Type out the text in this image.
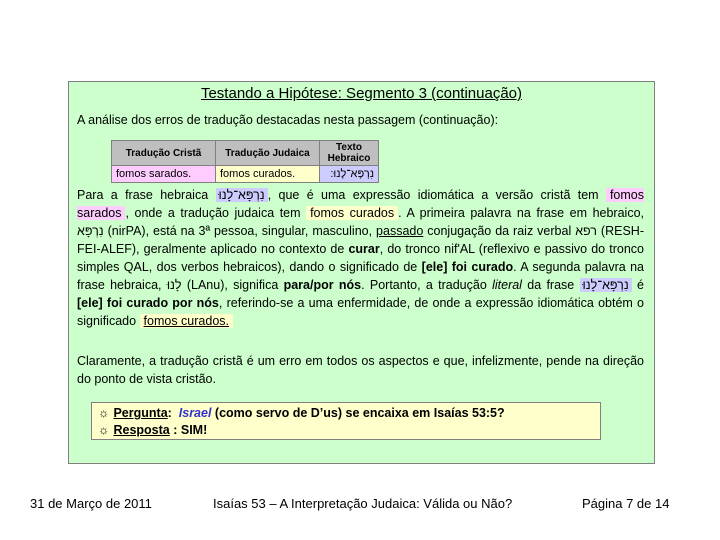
Testando a Hipótese: Segmento 3 (continuação)
A análise dos erros de tradução destacadas nesta passagem (continuação):
Tradução Cristã	Tradução Judaica	Texto Hebraico
fomos sarados.	fomos curados.	נִרְפָּא־לָנוּ:
Para a frase hebraica נִרְפָּא־לָנוּ , que é uma expressão idiomática a versão cristã tem fomos sarados , onde a tradução judaica tem fomos curados . A primeira palavra na frase em hebraico, נִרְפָּא (nirPA), está na 3ª pessoa, singular, masculino, passado conjugação da raiz verbal רפא (RESH-FEI-ALEF), geralmente aplicado no contexto de curar, do tronco nif'AL (reflexivo e passivo do tronco simples QAL, dos verbos hebraicos), dando o significado de [ele] foi curado. A segunda palavra na frase hebraica, לָנוּ (LAnu), significa para/por nós. Portanto, a tradução literal da frase נִרְפָּא־לָנוּ é [ele] foi curado por nós, referindo-se a uma enfermidade, de onde a expressão idiomática obtém o significado fomos curados.
Claramente, a tradução cristã é um erro em todos os aspectos e que, infelizmente, pende na direção do ponto de vista cristão.
☼ Pergunta:  Israel (como servo de D’us) se encaixa em Isaías 53:5?
☼ Resposta : SIM!
31 de Março de 2011	Isaías 53 – A Interpretação Judaica: Válida ou Não?	Página 7 de 14
